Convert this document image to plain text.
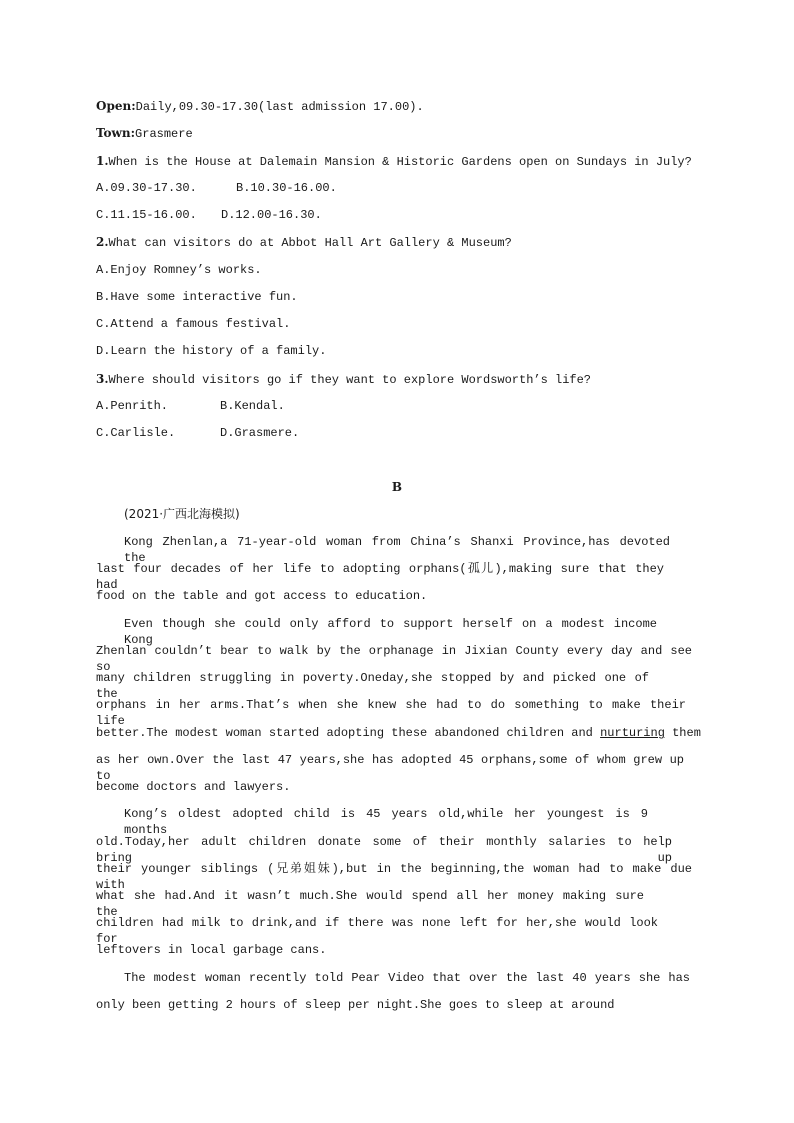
Open:Daily,09.30-17.30(last admission 17.00).
Town:Grasmere
1.When is the House at Dalemain Mansion & Historic Gardens open on Sundays in July?
A.09.30-17.30.	B.10.30-16.00.
C.11.15-16.00. D.12.00-16.30.
2.What can visitors do at Abbot Hall Art Gallery & Museum?
A.Enjoy Romney’s works.
B.Have some interactive fun.
C.Attend a famous festival.
D.Learn the history of a family.
3.Where should visitors go if they want to explore Wordsworth’s life?
A.Penrith.	B.Kendal.
C.Carlisle.	D.Grasmere.
B
(2021·广西北海模拟)
Kong Zhenlan,a 71-year-old woman from China’s Shanxi Province,has devoted the
last four decades of her life to adopting orphans(孤儿),making sure that they had
food on the table and got access to education.
Even though she could only afford to support herself on a modest income Kong
Zhenlan couldn’t bear to walk by the orphanage in Jixian County every day and see so
many children struggling in poverty.Oneday,she stopped by and picked one of the
orphans in her arms.That’s when she knew she had to do something to make their life
better.The modest woman started adopting these abandoned children and nurturing them
as her own.Over the last 47 years,she has adopted 45 orphans,some of whom grew up to
become doctors and lawyers.
Kong’s oldest adopted child is 45 years old,while her youngest is 9 months
old.Today,her adult children donate some of their monthly salaries to help bring up
their younger siblings (兄弟姐妹),but in the beginning,the woman had to make due with
what she had.And it wasn’t much.She would spend all her money making sure the
children had milk to drink,and if there was none left for her,she would look for
leftovers in local garbage cans.
The modest woman recently told Pear Video that over the last 40 years she has
only been getting 2 hours of sleep per night.She goes to sleep at around
